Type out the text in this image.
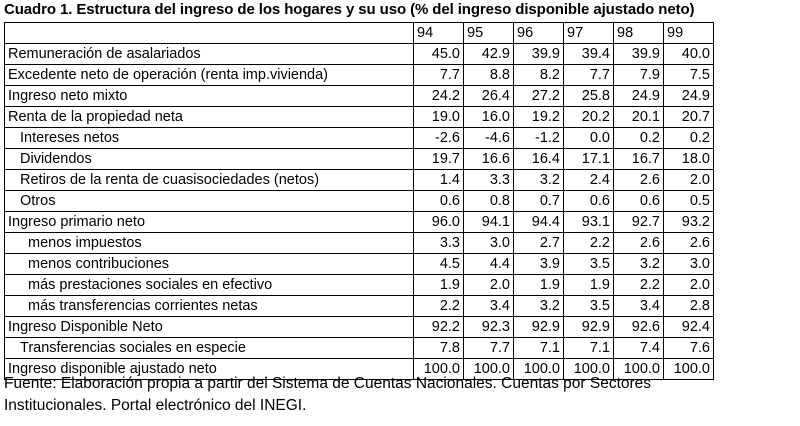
Cuadro 1. Estructura del ingreso de los hogares y su uso (% del ingreso disponible ajustado neto)
	94	95	96	97	98	99
Remuneración de asalariados	45.0	42.9	39.9	39.4	39.9	40.0
Excedente neto de operación (renta imp.vivienda)	7.7	8.8	8.2	7.7	7.9	7.5
Ingreso neto mixto	24.2	26.4	27.2	25.8	24.9	24.9
Renta de la propiedad neta	19.0	16.0	19.2	20.2	20.1	20.7
Intereses netos	-2.6	-4.6	-1.2	0.0	0.2	0.2
Dividendos	19.7	16.6	16.4	17.1	16.7	18.0
Retiros de la renta de cuasisociedades (netos)	1.4	3.3	3.2	2.4	2.6	2.0
Otros	0.6	0.8	0.7	0.6	0.6	0.5
Ingreso primario neto	96.0	94.1	94.4	93.1	92.7	93.2
menos impuestos	3.3	3.0	2.7	2.2	2.6	2.6
menos contribuciones	4.5	4.4	3.9	3.5	3.2	3.0
más prestaciones sociales en efectivo	1.9	2.0	1.9	1.9	2.2	2.0
más transferencias corrientes netas	2.2	3.4	3.2	3.5	3.4	2.8
Ingreso Disponible Neto	92.2	92.3	92.9	92.9	92.6	92.4
Transferencias sociales en especie	7.8	7.7	7.1	7.1	7.4	7.6
Ingreso disponible ajustado neto	100.0	100.0	100.0	100.0	100.0	100.0
Fuente: Elaboración propia a partir del Sistema de Cuentas Nacionales. Cuentas por Sectores Institucionales. Portal electrónico del INEGI.
